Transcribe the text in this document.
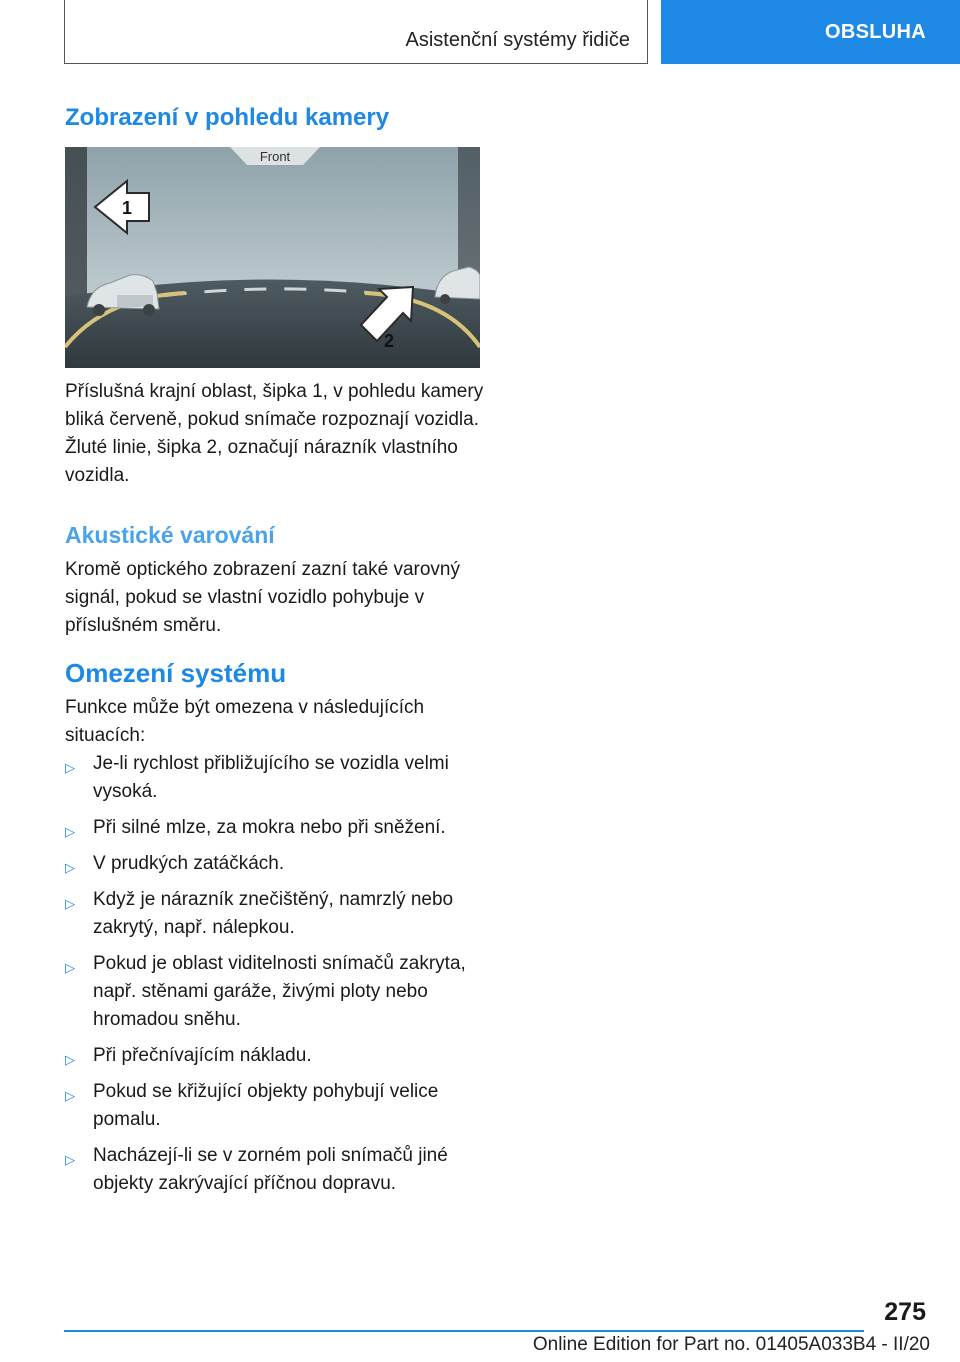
Asistenční systémy řidiče	OBSLUHA
Zobrazení v pohledu kamery
Front
1
2

Příslušná krajní oblast, šipka 1, v pohledu kamery bliká červeně, pokud snímače rozpoznají vozidla.

Žluté linie, šipka 2, označují nárazník vlastního vozidla.

Akustické varování

Kromě optického zobrazení zazní také varovný signál, pokud se vlastní vozidlo pohybuje v příslušném směru.

Omezení systému

Funkce může být omezena v následujících situacích:

▷ Je-li rychlost přibližujícího se vozidla velmi vysoká.
▷ Při silné mlze, za mokra nebo při sněžení.
▷ V prudkých zatáčkách.
▷ Když je nárazník znečištěný, namrzlý nebo zakrytý, např. nálepkou.
▷ Pokud je oblast viditelnosti snímačů zakryta, např. stěnami garáže, živými ploty nebo hromadou sněhu.
▷ Při přečnívajícím nákladu.
▷ Pokud se křižující objekty pohybují velice pomalu.
▷ Nacházejí-li se v zorném poli snímačů jiné objekty zakrývající příčnou dopravu.
275
Online Edition for Part no. 01405A033B4 - II/20
